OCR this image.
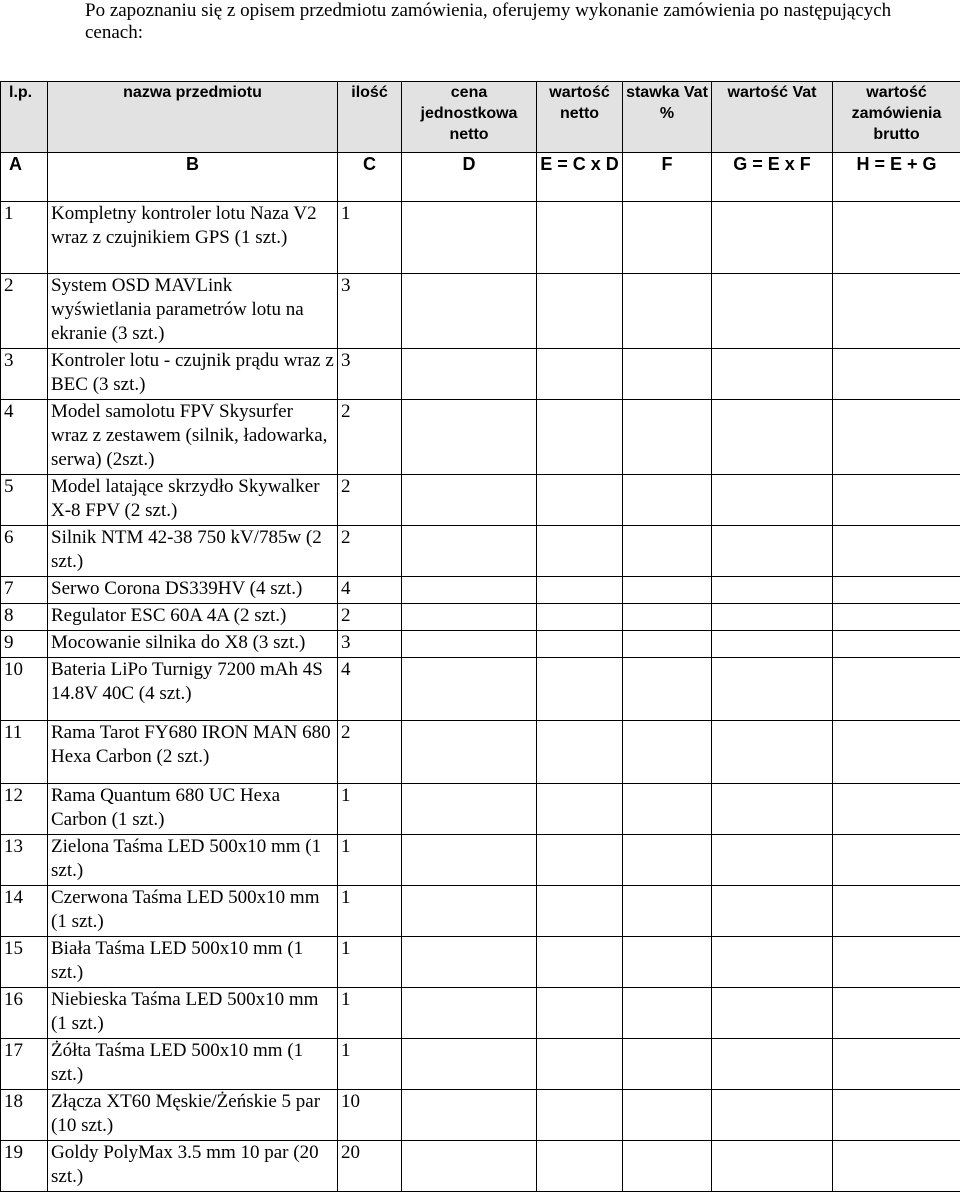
Po zapoznaniu się z opisem przedmiotu zamówienia, oferujemy wykonanie zamówienia po następujących cenach:
l.p.	nazwa przedmiotu	ilość	cena jednostkowa netto	wartość netto	stawka Vat %	wartość Vat	wartość zamówienia brutto
A	B	C	D	E = C x D	F	G = E x F	H = E + G
1	Kompletny kontroler lotu Naza V2 wraz z czujnikiem GPS (1 szt.)	1					
2	System OSD MAVLink wyświetlania parametrów lotu na ekranie (3 szt.)	3					
3	Kontroler lotu - czujnik prądu wraz z BEC (3 szt.)	3					
4	Model samolotu FPV Skysurfer wraz z zestawem (silnik, ładowarka, serwa) (2szt.)	2					
5	Model latające skrzydło Skywalker X-8 FPV (2 szt.)	2					
6	Silnik NTM 42-38 750 kV/785w (2 szt.)	2					
7	Serwo Corona DS339HV (4 szt.)	4					
8	Regulator ESC 60A 4A (2 szt.)	2					
9	Mocowanie silnika do X8 (3 szt.)	3					
10	Bateria LiPo Turnigy 7200 mAh 4S 14.8V 40C (4 szt.)	4					
11	Rama Tarot FY680 IRON MAN 680 Hexa Carbon (2 szt.)	2					
12	Rama Quantum 680 UC Hexa Carbon (1 szt.)	1					
13	Zielona Taśma LED 500x10 mm (1 szt.)	1					
14	Czerwona Taśma LED 500x10 mm (1 szt.)	1					
15	Biała Taśma LED 500x10 mm (1 szt.)	1					
16	Niebieska Taśma LED 500x10 mm (1 szt.)	1					
17	Żółta Taśma LED 500x10 mm (1 szt.)	1					
18	Złącza XT60 Męskie/Żeńskie 5 par (10 szt.)	10					
19	Goldy PolyMax 3.5 mm 10 par (20 szt.)	20					
